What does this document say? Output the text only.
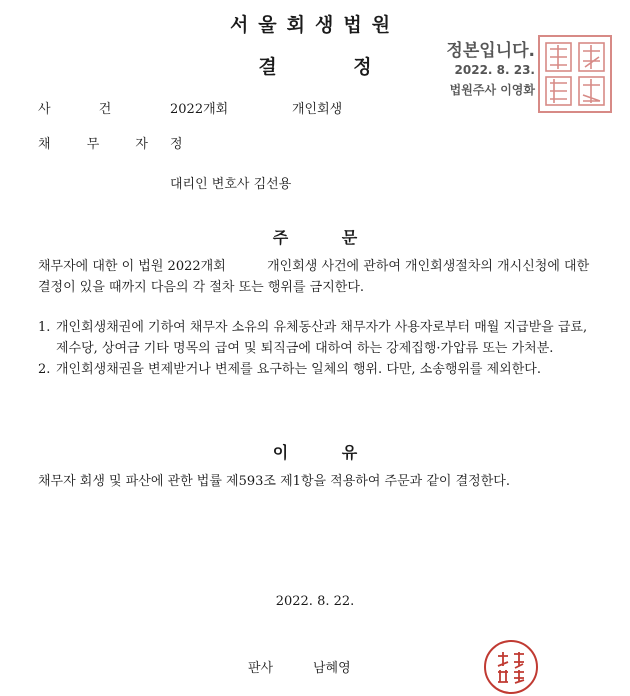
서울회생법원
결 정
정본입니다.
2022. 8. 23.
법원주사 이영화
사 건	2022개회	개인회생
채 무 자 정
대리인 변호사 김선용
주 문
채무자에 대한 이 법원 2022개회          개인회생 사건에 관하여 개인회생절차의 개시신청에 대한 결정이 있을 때까지 다음의 각 절차 또는 행위를 금지한다.
1. 개인회생채권에 기하여 채무자 소유의 유체동산과 채무자가 사용자로부터 매월 지급받을 급료, 제수당, 상여금 기타 명목의 급여 및 퇴직금에 대하여 하는 강제집행·가압류 또는 가처분.
2. 개인회생채권을 변제받거나 변제를 요구하는 일체의 행위. 다만, 소송행위를 제외한다.
이 유
채무자 회생 및 파산에 관한 법률 제593조 제1항을 적용하여 주문과 같이 결정한다.
2022. 8. 22.
판사	남혜영
